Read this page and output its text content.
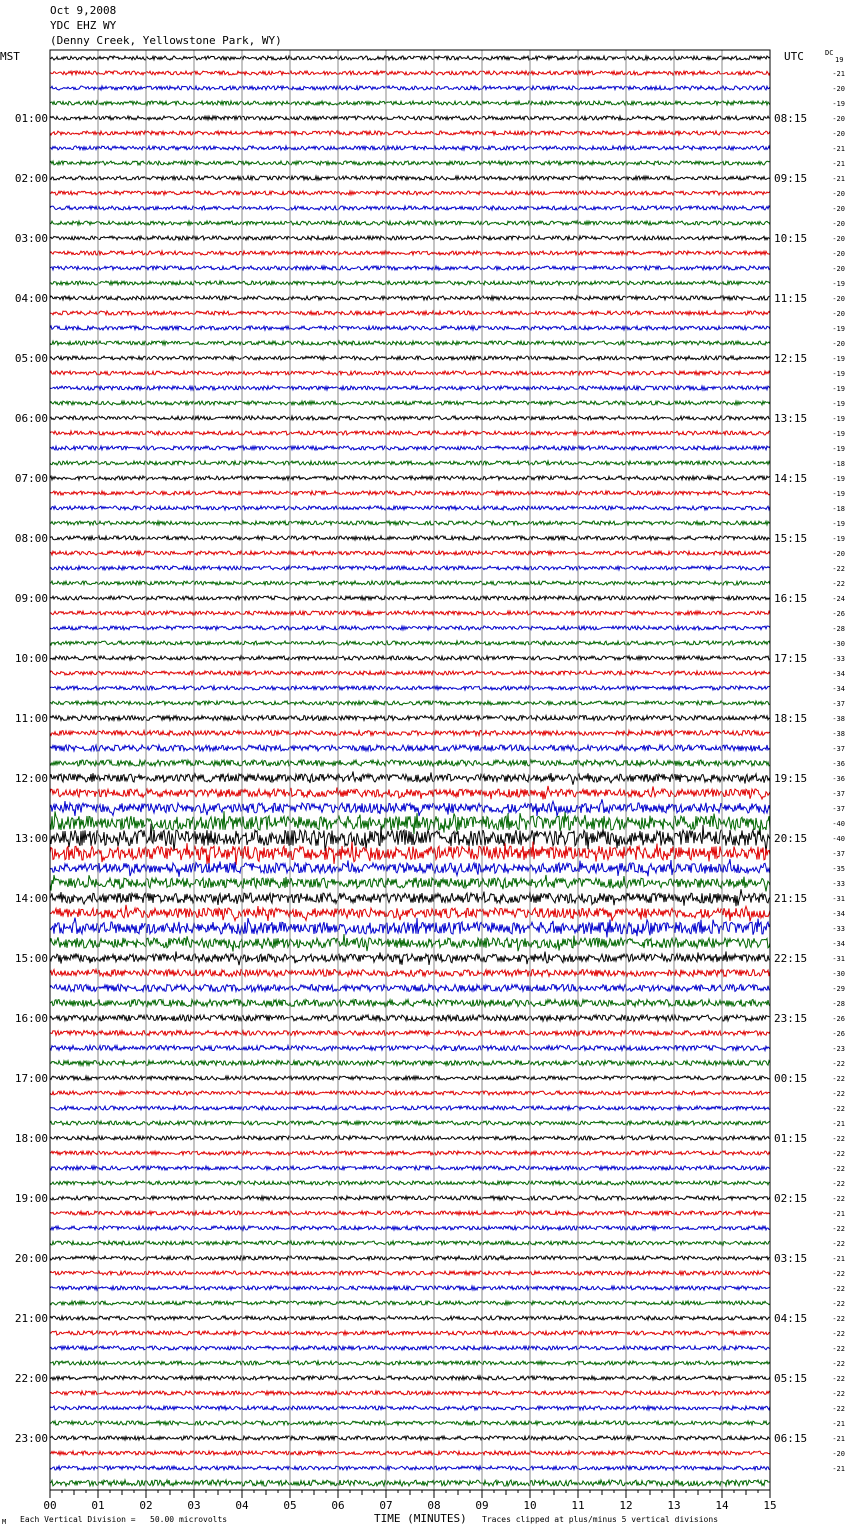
Oct 9,2008
YDC EHZ WY
(Denny Creek, Yellowstone Park, WY)
MST	UTC	DC
01:00
02:00
03:00
04:00
05:00
06:00
07:00
08:00
09:00
10:00
11:00
12:00
13:00
14:00
15:00
16:00
17:00
18:00
19:00
20:00
21:00
22:00
23:00
08:15
09:15
10:15
11:15
12:15
13:15
14:15
15:15
16:15
17:15
18:15
19:15
20:15
21:15
22:15
23:15
00:15
01:15
02:15
03:15
04:15
05:15
06:15
19
-21
-20
-19
-20
-20
-21
-21
-21
-20
-20
-20
-20
-20
-20
-19
-20
-20
-19
-20
-19
-19
-19
-19
-19
-19
-19
-18
-19
-19
-18
-19
-19
-20
-22
-22
-24
-26
-28
-30
-33
-34
-34
-37
-38
-38
-37
-36
-36
-37
-37
-40
-40
-37
-35
-33
-31
-34
-33
-34
-31
-30
-29
-28
-26
-26
-23
-22
-22
-22
-22
-21
-22
-22
-22
-22
-22
-21
-22
-22
-21
-22
-22
-22
-22
-22
-22
-22
-22
-22
-22
-21
-21
-20
-21
00	01	02	03	04	05	06	07	08	09	10	11	12	13	14	15
TIME (MINUTES)
M Each Vertical Division =   50.00 microvolts	Traces clipped at plus/minus 5 vertical divisions
